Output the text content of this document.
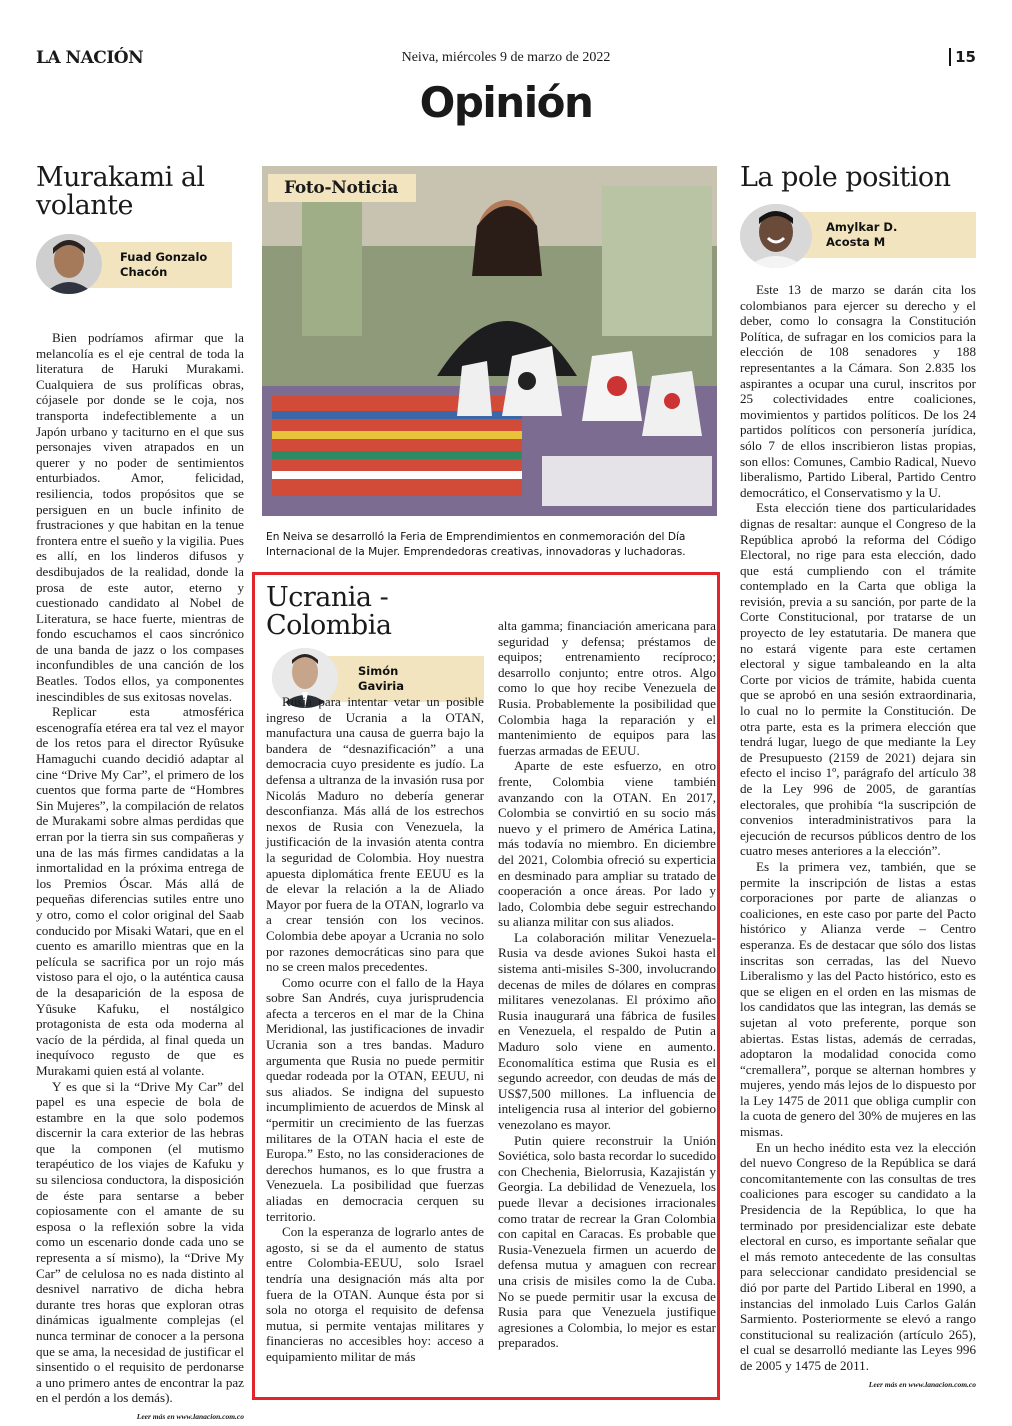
LA NACIÓN	Neiva, miércoles 9 de marzo de 2022	15
Opinión
Murakami al volante
Fuad Gonzalo
Chacón

Bien podríamos afirmar que la melancolía es el eje central de toda la literatura de Haruki Murakami. Cualquiera de sus prolíficas obras, cójasele por donde se le coja, nos transporta indefectiblemente a un Japón urbano y taciturno en el que sus personajes viven atrapados en un querer y no poder de sentimientos enturbiados. Amor, felicidad, resiliencia, todos propósitos que se persiguen en un bucle infinito de frustraciones y que habitan en la tenue frontera entre el sueño y la vigilia. Pues es allí, en los linderos difusos y desdibujados de la realidad, donde la prosa de este autor, eterno y cuestionado candidato al Nobel de Literatura, se hace fuerte, mientras de fondo escuchamos el caos sincrónico de una banda de jazz o los compases inconfundibles de una canción de los Beatles. Todos ellos, ya componentes inescindibles de sus exitosas novelas.

Replicar esta atmosférica escenografía etérea era tal vez el mayor de los retos para el director Ryûsuke Hamaguchi cuando decidió adaptar al cine “Drive My Car”, el primero de los cuentos que forma parte de “Hombres Sin Mujeres”, la compilación de relatos de Murakami sobre almas perdidas que erran por la tierra sin sus compañeras y una de las más firmes candidatas a la inmortalidad en la próxima entrega de los Premios Óscar. Más allá de pequeñas diferencias sutiles entre uno y otro, como el color original del Saab conducido por Misaki Watari, que en el cuento es amarillo mientras que en la película se sacrifica por un rojo más vistoso para el ojo, o la auténtica causa de la desaparición de la esposa de Yûsuke Kafuku, el nostálgico protagonista de esta oda moderna al vacío de la pérdida, al final queda un inequívoco regusto de que es Murakami quien está al volante.

Y es que si la “Drive My Car” del papel es una especie de bola de estambre en la que solo podemos discernir la cara exterior de las hebras que la componen (el mutismo terapéutico de los viajes de Kafuku y su silenciosa conductora, la disposición de éste para sentarse a beber copiosamente con el amante de su esposa o la reflexión sobre la vida como un escenario donde cada uno se representa a sí mismo), la “Drive My Car” de celulosa no es nada distinto al desnivel narrativo de dicha hebra durante tres horas que exploran otras dinámicas igualmente complejas (el nunca terminar de conocer a la persona que se ama, la necesidad de justificar el sinsentido o el requisito de perdonarse a uno primero antes de encontrar la paz en el perdón a los demás).

Leer más en www.lanacion.com.co
Foto-Noticia
En Neiva se desarrolló la Feria de Emprendimientos en conmemoración del Día Internacional de la Mujer. Emprendedoras creativas, innovadoras y luchadoras.
Ucrania - Colombia
Simón
Gaviria

Rusia para intentar vetar un posible ingreso de Ucrania a la OTAN, manufactura una causa de guerra bajo la bandera de “desnazificación” a una democracia cuyo presidente es judío. La defensa a ultranza de la invasión rusa por Nicolás Maduro no debería generar desconfianza. Más allá de los estrechos nexos de Rusia con Venezuela, la justificación de la invasión atenta contra la seguridad de Colombia. Hoy nuestra apuesta diplomática frente EEUU es la de elevar la relación a la de Aliado Mayor por fuera de la OTAN, lograrlo va a crear tensión con los vecinos. Colombia debe apoyar a Ucrania no solo por razones democráticas sino para que no se creen malos precedentes.

Como ocurre con el fallo de la Haya sobre San Andrés, cuya jurisprudencia afecta a terceros en el mar de la China Meridional, las justificaciones de invadir Ucrania son a tres bandas. Maduro argumenta que Rusia no puede permitir quedar rodeada por la OTAN, EEUU, ni sus aliados. Se indigna del supuesto incumplimiento de acuerdos de Minsk al “permitir un crecimiento de las fuerzas militares de la OTAN hacia el este de Europa.” Esto, no las consideraciones de derechos humanos, es lo que frustra a Venezuela. La posibilidad que fuerzas aliadas en democracia cerquen su territorio.

Con la esperanza de lograrlo antes de agosto, si se da el aumento de status entre Colombia-EEUU, solo Israel tendría una designación más alta por fuera de la OTAN. Aunque ésta por si sola no otorga el requisito de defensa mutua, si permite ventajas militares y financieras no accesibles hoy: acceso a equipamiento militar de más

alta gamma; financiación americana para seguridad y defensa; préstamos de equipos; entrenamiento recíproco; desarrollo conjunto; entre otros. Algo como lo que hoy recibe Venezuela de Rusia. Probablemente la posibilidad que Colombia haga la reparación y el mantenimiento de equipos para las fuerzas armadas de EEUU.

Aparte de este esfuerzo, en otro frente, Colombia viene también avanzando con la OTAN. En 2017, Colombia se convirtió en su socio más nuevo y el primero de América Latina, más todavía no miembro. En diciembre del 2021, Colombia ofreció su experticia en desminado para ampliar su tratado de cooperación a once áreas. Por lado y lado, Colombia debe seguir estrechando su alianza militar con sus aliados.

La colaboración militar Venezuela-Rusia va desde aviones Sukoi hasta el sistema anti-misiles S-300, involucrando decenas de miles de dólares en compras militares venezolanas. El próximo año Rusia inaugurará una fábrica de fusiles en Venezuela, el respaldo de Putin a Maduro solo viene en aumento. Economalítica estima que Rusia es el segundo acreedor, con deudas de más de US$7,500 millones. La influencia de inteligencia rusa al interior del gobierno venezolano es mayor.

Putin quiere reconstruir la Unión Soviética, solo basta recordar lo sucedido con Chechenia, Bielorrusia, Kazajistán y Georgia. La debilidad de Venezuela, los puede llevar a decisiones irracionales como tratar de recrear la Gran Colombia con capital en Caracas. Es probable que Rusia-Venezuela firmen un acuerdo de defensa mutua y amaguen con recrear una crisis de misiles como la de Cuba. No se puede permitir usar la excusa de Rusia para que Venezuela justifique agresiones a Colombia, lo mejor es estar preparados.

La pole position
Amylkar D.
Acosta M

Este 13 de marzo se darán cita los colombianos para ejercer su derecho y el deber, como lo consagra la Constitución Política, de sufragar en los comicios para la elección de 108 senadores y 188 representantes a la Cámara. Son 2.835 los aspirantes a ocupar una curul, inscritos por 25 colectividades entre coaliciones, movimientos y partidos políticos. De los 24 partidos políticos con personería jurídica, sólo 7 de ellos inscribieron listas propias, son ellos: Comunes, Cambio Radical, Nuevo liberalismo, Partido Liberal, Partido Centro democrático, el Conservatismo y la U.

Esta elección tiene dos particularidades dignas de resaltar: aunque el Congreso de la República aprobó la reforma del Código Electoral, no rige para esta elección, dado que está cumpliendo con el trámite contemplado en la Carta que obliga la revisión, previa a su sanción, por parte de la Corte Constitucional, por tratarse de un proyecto de ley estatutaria. De manera que no estará vigente para este certamen electoral y sigue tambaleando en la alta Corte por vicios de trámite, habida cuenta que se aprobó en una sesión extraordinaria, lo cual no lo permite la Constitución. De otra parte, esta es la primera elección que tendrá lugar, luego de que mediante la Ley de Presupuesto (2159 de 2021) dejara sin efecto el inciso 1º, parágrafo del artículo 38 de la Ley 996 de 2005, de garantías electorales, que prohibía “la suscripción de convenios interadministrativos para la ejecución de recursos públicos dentro de los cuatro meses anteriores a la elección”.

Es la primera vez, también, que se permite la inscripción de listas a estas corporaciones por parte de alianzas o coaliciones, en este caso por parte del Pacto histórico y Alianza verde – Centro esperanza. Es de destacar que sólo dos listas inscritas son cerradas, las del Nuevo Liberalismo y las del Pacto histórico, esto es que se eligen en el orden en las mismas de los candidatos que las integran, las demás se sujetan al voto preferente, porque son abiertas. Estas listas, además de cerradas, adoptaron la modalidad conocida como “cremallera”, porque se alternan hombres y mujeres, yendo más lejos de lo dispuesto por la Ley 1475 de 2011 que obliga cumplir con la cuota de genero del 30% de mujeres en las mismas.

En un hecho inédito esta vez la elección del nuevo Congreso de la República se dará concomitantemente con las consultas de tres coaliciones para escoger su candidato a la Presidencia de la República, lo que ha terminado por presidencializar este debate electoral en curso, es importante señalar que el más remoto antecedente de las consultas para seleccionar candidato presidencial se dió por parte del Partido Liberal en 1990, a instancias del inmolado Luis Carlos Galán Sarmiento. Posteriormente se elevó a rango constitucional su realización (artículo 265), el cual se desarrolló mediante las Leyes 996 de 2005 y 1475 de 2011.

Leer más en www.lanacion.com.co
